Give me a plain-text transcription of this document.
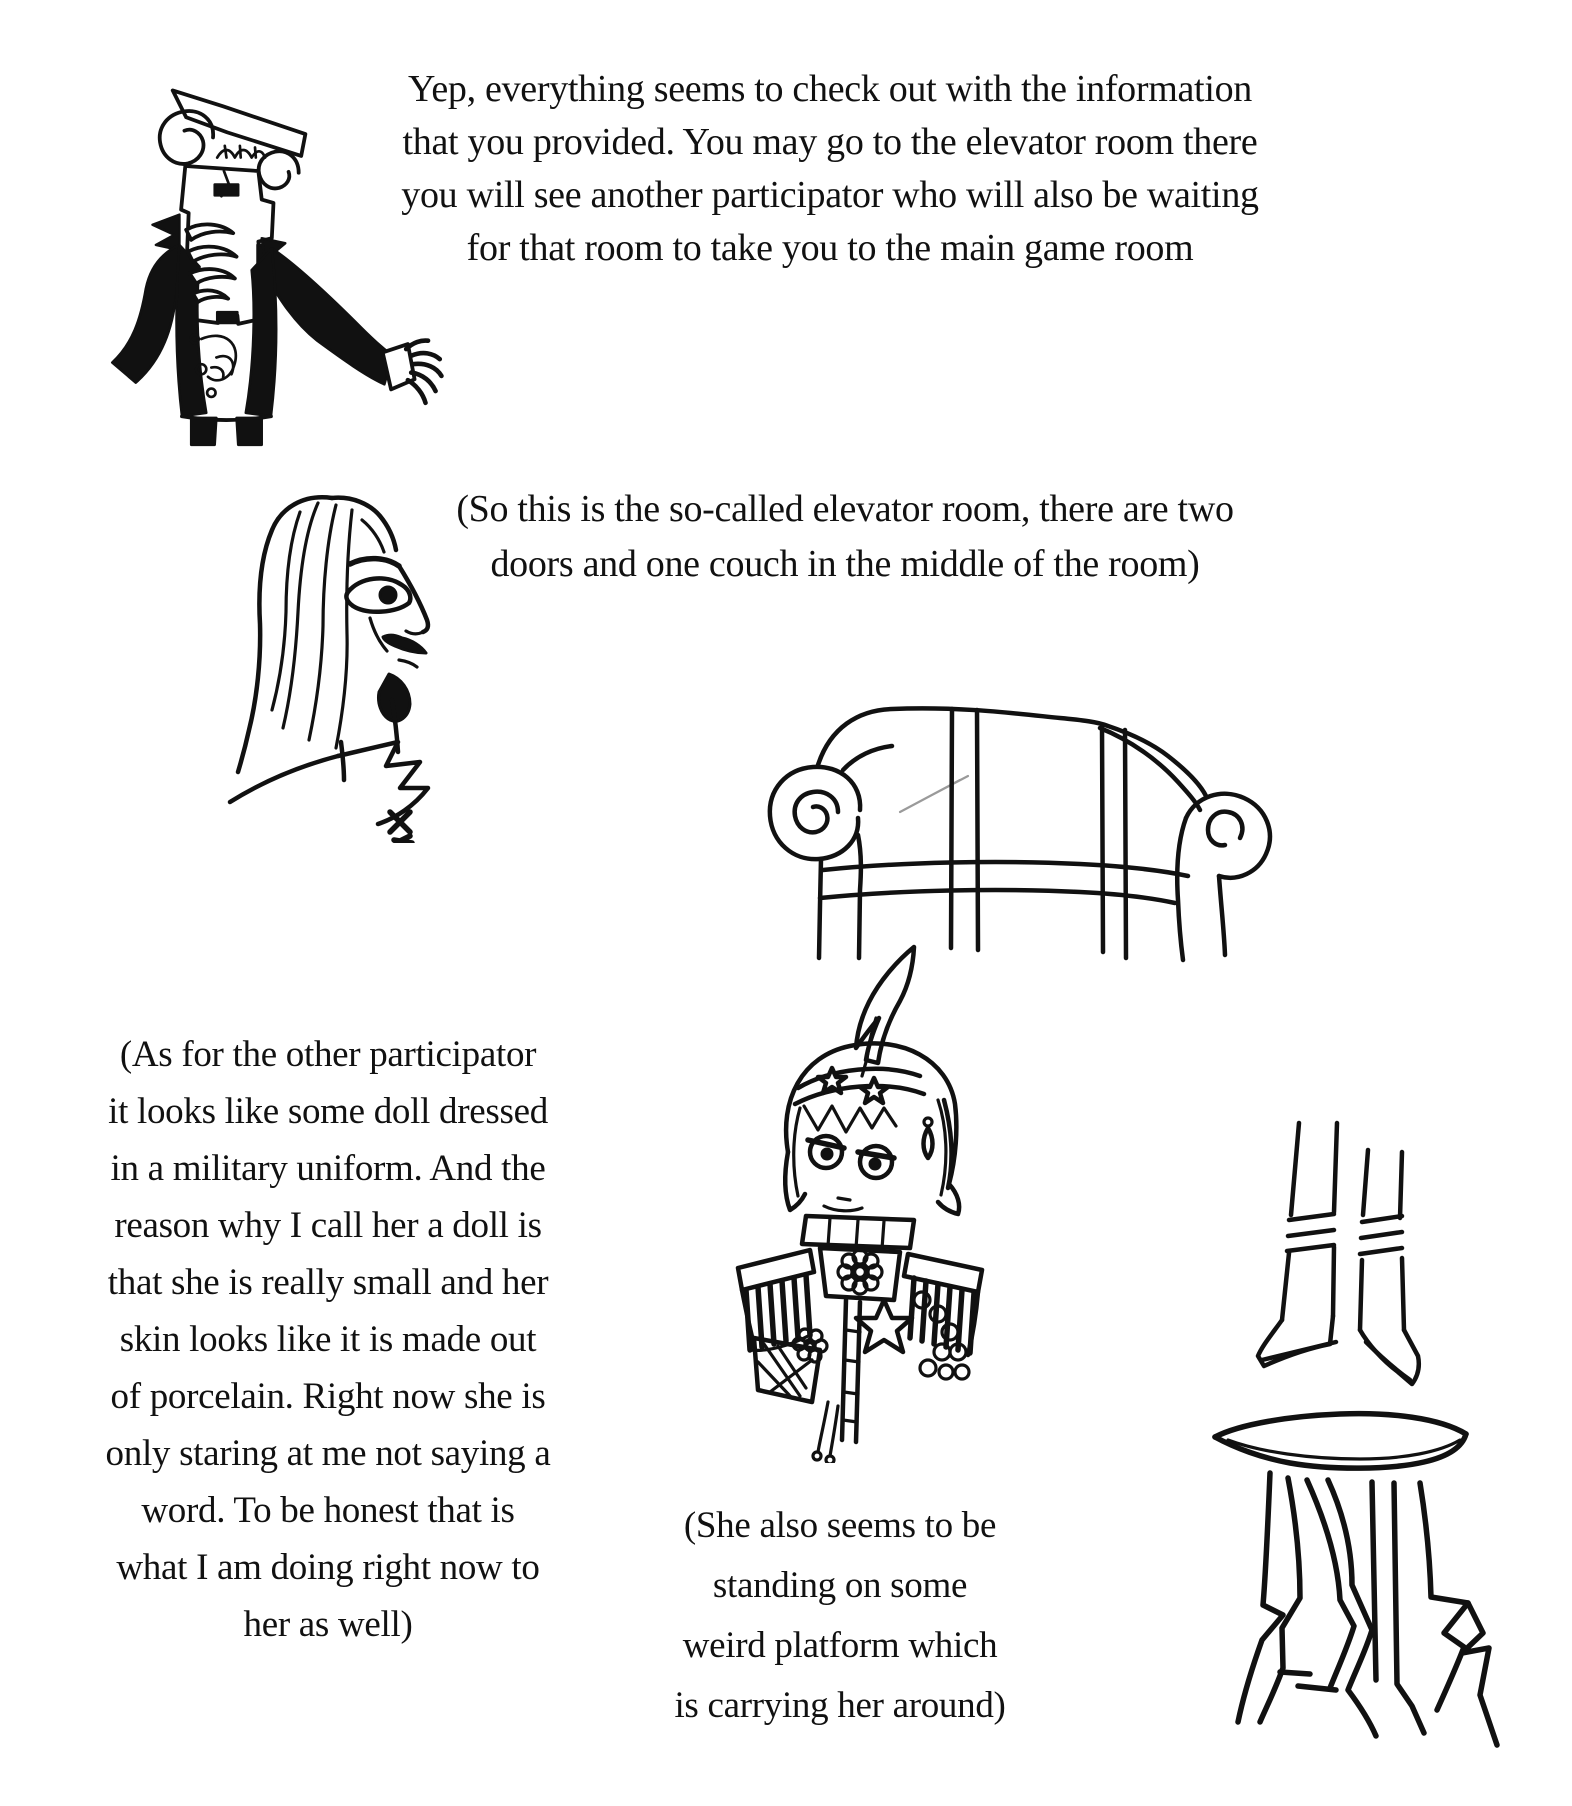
Yep, everything seems to check out with the information
that you provided. You may go to the elevator room there
you will see another participator who will also be waiting
for that room to take you to the main game room
(So this is the so-called elevator room, there are two
doors and one couch in the middle of the room)
(As for the other participator
it looks like some doll dressed
in a military uniform. And the
reason why I call her a doll is
that she is really small and her
skin looks like it is made out
of porcelain. Right now she is
only staring at me not saying a
word. To be honest that is
what I am doing right now to
her as well)
(She also seems to be
standing on some
weird platform which
is carrying her around)
